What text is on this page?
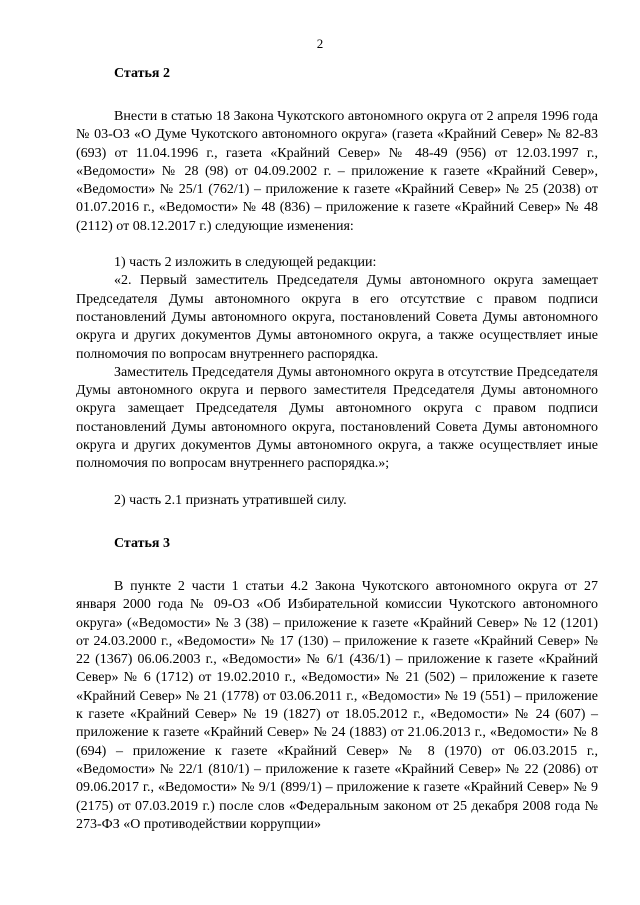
2
Статья 2

Внести в статью 18 Закона Чукотского автономного округа от 2 апреля 1996 года № 03-ОЗ «О Думе Чукотского автономного округа» (газета «Крайний Север» № 82-83 (693) от 11.04.1996 г., газета «Крайний Север» № 48-49 (956) от 12.03.1997 г., «Ведомости» № 28 (98) от 04.09.2002 г. – приложение к газете «Крайний Север», «Ведомости» № 25/1 (762/1) – приложение к газете «Крайний Север» № 25 (2038) от 01.07.2016 г., «Ведомости» № 48 (836) – приложение к газете «Крайний Север» № 48 (2112) от 08.12.2017 г.) следующие изменения:

1) часть 2 изложить в следующей редакции:

«2. Первый заместитель Председателя Думы автономного округа замещает Председателя Думы автономного округа в его отсутствие с правом подписи постановлений Думы автономного округа, постановлений Совета Думы автономного округа и других документов Думы автономного округа, а также осуществляет иные полномочия по вопросам внутреннего распорядка.

Заместитель Председателя Думы автономного округа в отсутствие Председателя Думы автономного округа и первого заместителя Председателя Думы автономного округа замещает Председателя Думы автономного округа с правом подписи постановлений Думы автономного округа, постановлений Совета Думы автономного округа и других документов Думы автономного округа, а также осуществляет иные полномочия по вопросам внутреннего распорядка.»;

2) часть 2.1 признать утратившей силу.

Статья 3

В пункте 2 части 1 статьи 4.2 Закона Чукотского автономного округа от 27 января 2000 года № 09-ОЗ «Об Избирательной комиссии Чукотского автономного округа» («Ведомости» № 3 (38) – приложение к газете «Крайний Север» № 12 (1201) от 24.03.2000 г., «Ведомости» № 17 (130) – приложение к газете «Крайний Север» № 22 (1367) 06.06.2003 г., «Ведомости» № 6/1 (436/1) – приложение к газете «Крайний Север» № 6 (1712) от 19.02.2010 г., «Ведомости» № 21 (502) – приложение к газете «Крайний Север» № 21 (1778) от 03.06.2011 г., «Ведомости» № 19 (551) – приложение к газете «Крайний Север» № 19 (1827) от 18.05.2012 г., «Ведомости» № 24 (607) – приложение к газете «Крайний Север» № 24 (1883) от 21.06.2013 г., «Ведомости» № 8 (694) – приложение к газете «Крайний Север» № 8 (1970) от 06.03.2015 г., «Ведомости» № 22/1 (810/1) – приложение к газете «Крайний Север» № 22 (2086) от 09.06.2017 г., «Ведомости» № 9/1 (899/1) – приложение к газете «Крайний Север» № 9 (2175) от 07.03.2019 г.) после слов «Федеральным законом от 25 декабря 2008 года № 273-ФЗ «О противодействии коррупции»
